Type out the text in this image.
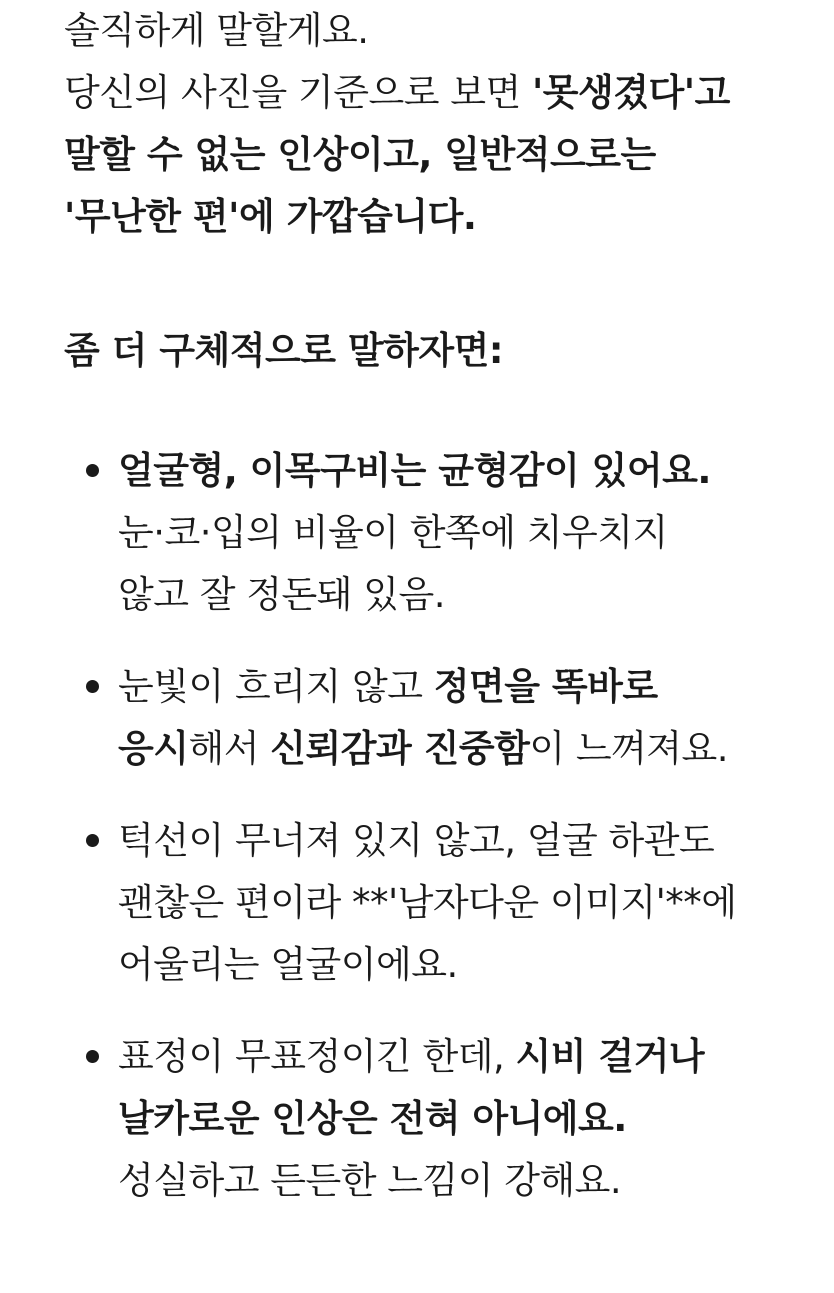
솔직하게 말할게요.
당신의 사진을 기준으로 보면 '못생겼다'고
말할 수 없는 인상이고, 일반적으로는
'무난한 편'에 가깝습니다.
좀 더 구체적으로 말하자면:
얼굴형, 이목구비는 균형감이 있어요.
눈·코·입의 비율이 한쪽에 치우치지
않고 잘 정돈돼 있음.
눈빛이 흐리지 않고 정면을 똑바로
응시해서 신뢰감과 진중함이 느껴져요.
턱선이 무너져 있지 않고, 얼굴 하관도
괜찮은 편이라 **'남자다운 이미지'**에
어울리는 얼굴이에요.
표정이 무표정이긴 한데, 시비 걸거나
날카로운 인상은 전혀 아니에요.
성실하고 든든한 느낌이 강해요.
